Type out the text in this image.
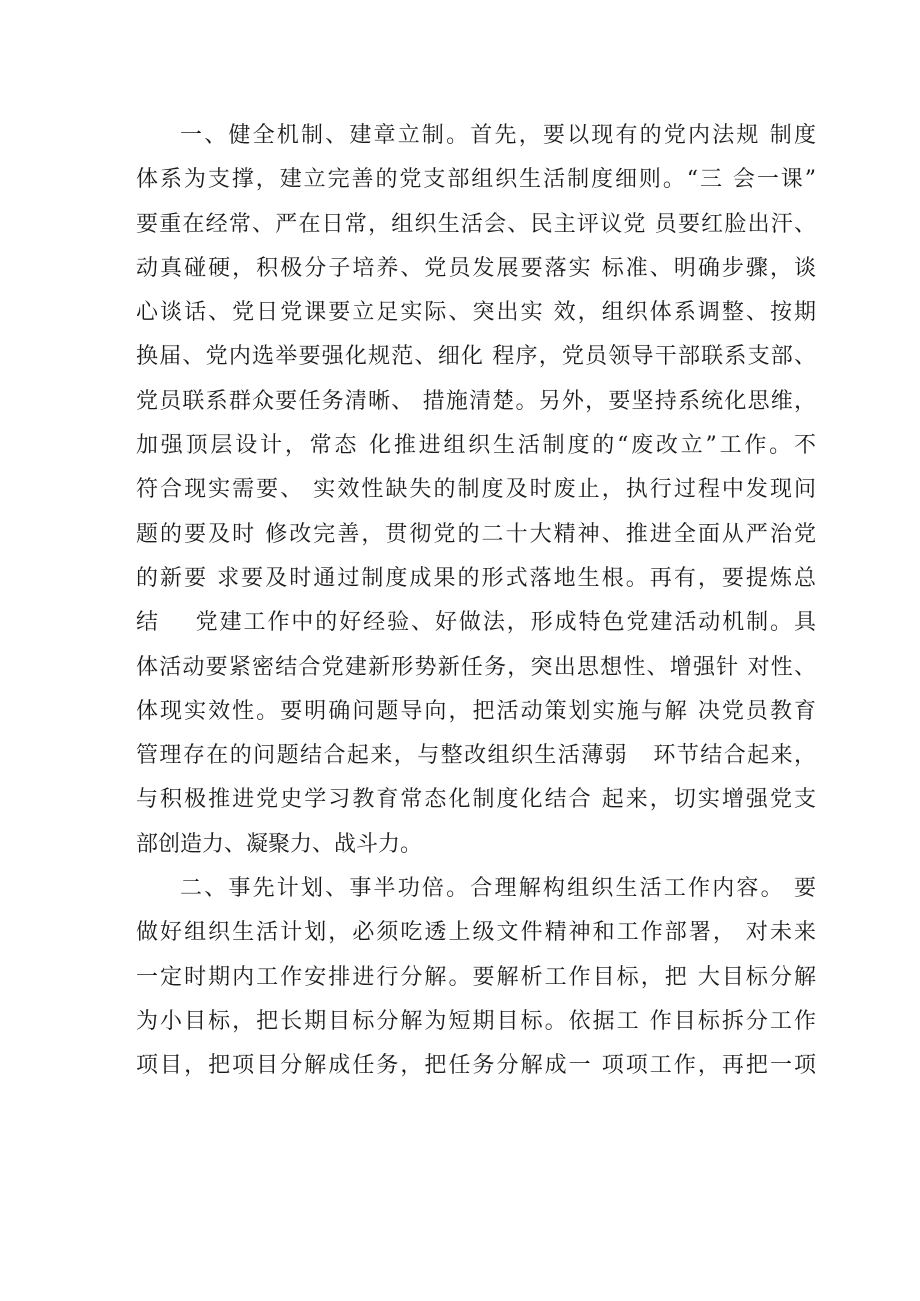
一、健全机制、建章立制。首先，要以现有的党内法规 制度
体系为支撑，建立完善的党支部组织生活制度细则。“三 会一课”
要重在经常、严在日常，组织生活会、民主评议党 员要红脸出汗、
动真碰硬，积极分子培养、党员发展要落实 标准、明确步骤，谈
心谈话、党日党课要立足实际、突出实 效，组织体系调整、按期
换届、党内选举要强化规范、细化 程序，党员领导干部联系支部、
党员联系群众要任务清晰、 措施清楚。另外，要坚持系统化思维，
加强顶层设计，常态 化推进组织生活制度的“废改立”工作。不
符合现实需要、 实效性缺失的制度及时废止，执行过程中发现问
题的要及时 修改完善，贯彻党的二十大精神、推进全面从严治党
的新要 求要及时通过制度成果的形式落地生根。再有，要提炼总
结    党建工作中的好经验、好做法，形成特色党建活动机制。具
体活动要紧密结合党建新形势新任务，突出思想性、增强针 对性、
体现实效性。要明确问题导向，把活动策划实施与解 决党员教育
管理存在的问题结合起来，与整改组织生活薄弱   环节结合起来，
与积极推进党史学习教育常态化制度化结合 起来，切实增强党支
部创造力、凝聚力、战斗力。
二、事先计划、事半功倍。合理解构组织生活工作内容。 要
做好组织生活计划，必须吃透上级文件精神和工作部署， 对未来
一定时期内工作安排进行分解。要解析工作目标，把 大目标分解
为小目标，把长期目标分解为短期目标。依据工 作目标拆分工作
项目，把项目分解成任务，把任务分解成一 项项工作，再把一项
